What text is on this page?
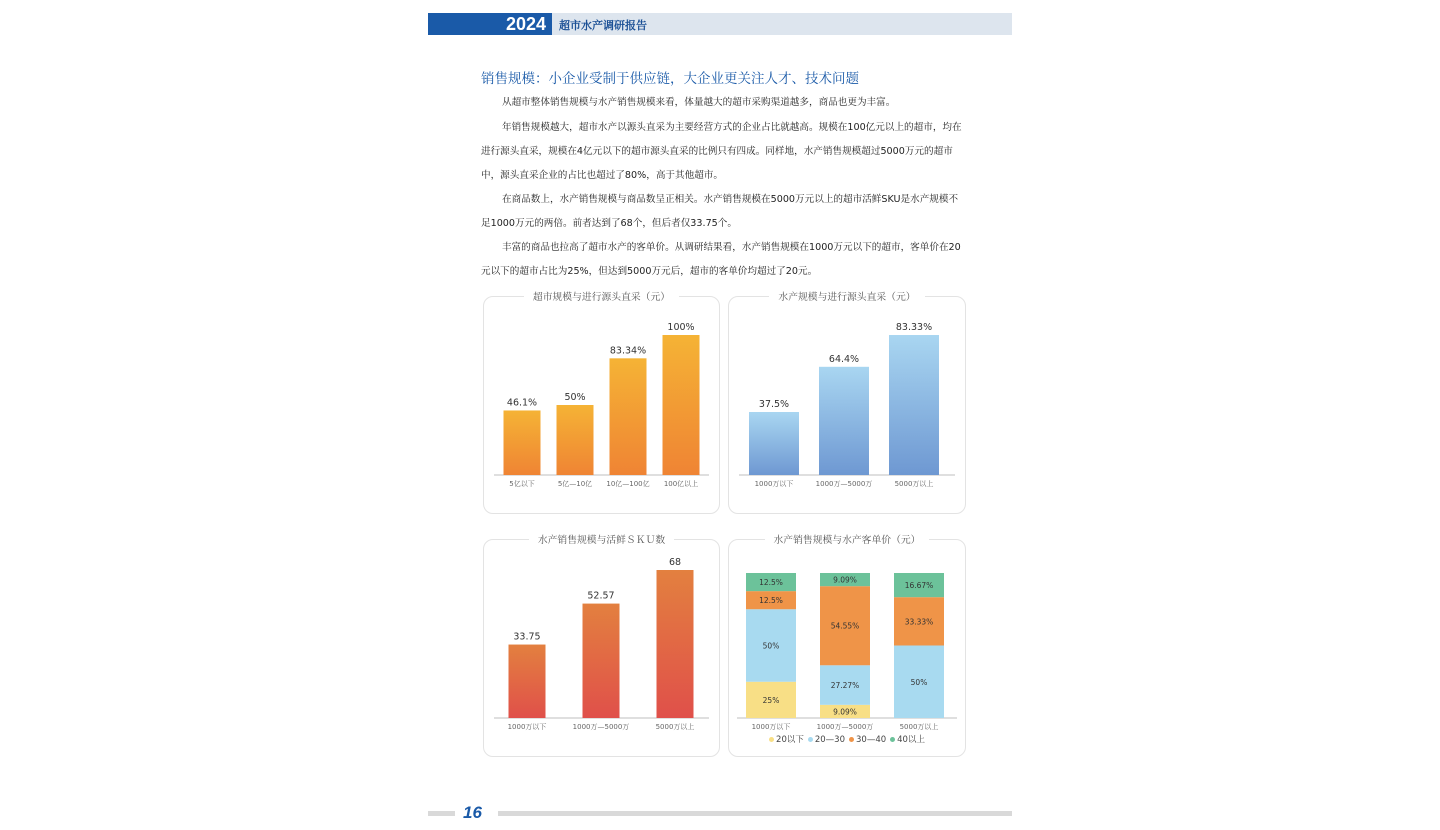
2024 超市水产调研报告
销售规模：小企业受制于供应链，大企业更关注人才、技术问题

从超市整体销售规模与水产销售规模来看，体量越大的超市采购渠道越多，商品也更为丰富。

年销售规模越大，超市水产以源头直采为主要经营方式的企业占比就越高。规模在100亿元以上的超市，均在进行源头直采，规模在4亿元以下的超市源头直采的比例只有四成。同样地，水产销售规模超过5000万元的超市中，源头直采企业的占比也超过了80%，高于其他超市。

在商品数上，水产销售规模与商品数呈正相关。水产销售规模在5000万元以上的超市活鲜SKU是水产规模不足1000万元的两倍。前者达到了68个，但后者仅33.75个。

丰富的商品也拉高了超市水产的客单价。从调研结果看，水产销售规模在1000万元以下的超市，客单价在20元以下的超市占比为25%，但达到5000万元后，超市的客单价均超过了20元。

超市规模与进行源头直采（元）
46.1%
5亿以下
50%
5亿—10亿
83.34%
10亿—100亿
100%
100亿以上
水产规模与进行源头直采（元）
37.5%
1000万以下
64.4%
1000万—5000万
83.33%
5000万以上
水产销售规模与活鲜ＳＫＵ数
33.75
1000万以下
52.57
1000万—5000万
68
5000万以上
水产销售规模与水产客单价（元）
25%
50%
12.5%
12.5%
1000万以下
9.09%
27.27%
54.55%
9.09%
1000万—5000万
50%
33.33%
16.67%
5000万以上
20以下 20—30 30—40 40以上
16
